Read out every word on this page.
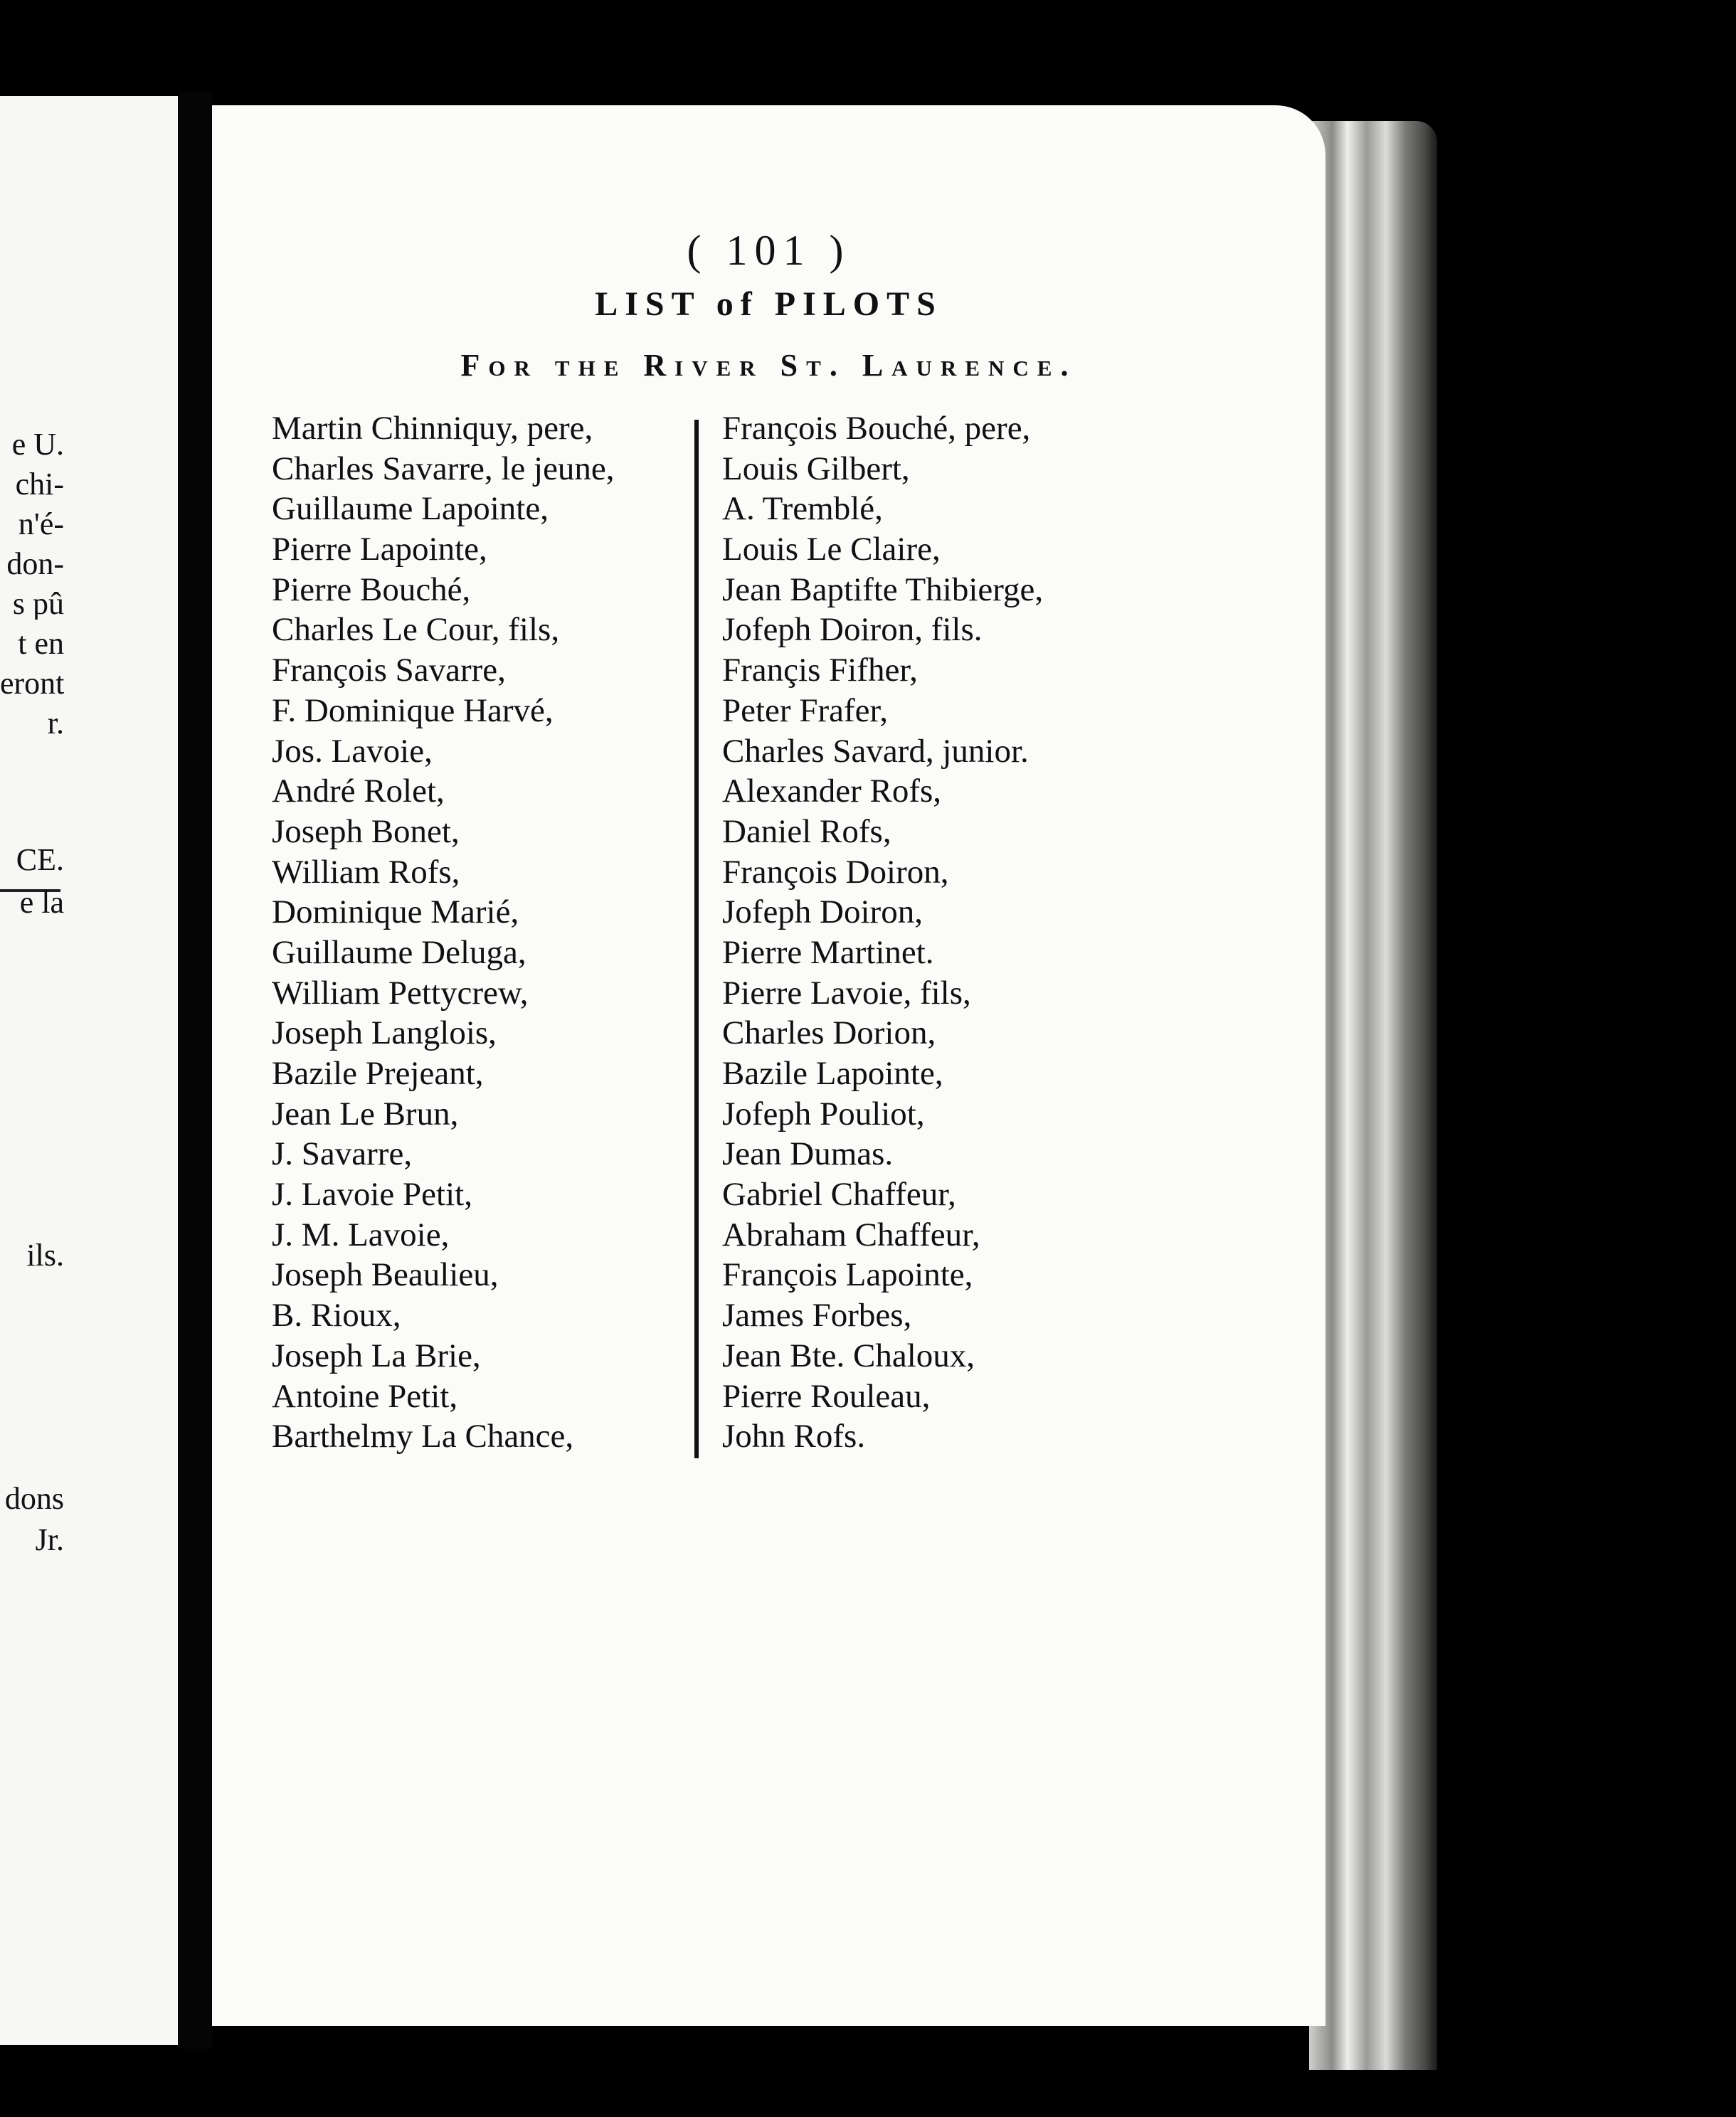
e U.
chi-
n'é-
don-
s pû
t en
eront
r.
CE.
e la
ils.
dons
Jr.
( 101 )
LIST of PILOTS
For the River St. Laurence.
Martin Chinniquy, pere,
Charles Savarre, le jeune,
Guillaume Lapointe,
Pierre Lapointe,
Pierre Bouché,
Charles Le Cour, fils,
François Savarre,
F. Dominique Harvé,
Jos. Lavoie,
André Rolet,
Joseph Bonet,
William Rofs,
Dominique Marié,
Guillaume Deluga,
William Pettycrew,
Joseph Langlois,
Bazile Prejeant,
Jean Le Brun,
J. Savarre,
J. Lavoie Petit,
J. M. Lavoie,
Joseph Beaulieu,
B. Rioux,
Joseph La Brie,
Antoine Petit,
Barthelmy La Chance,
François Bouché, pere,
Louis Gilbert,
A. Tremblé,
Louis Le Claire,
Jean Baptifte Thibierge,
Jofeph Doiron, fils.
Françis Fifher,
Peter Frafer,
Charles Savard, junior.
Alexander Rofs,
Daniel Rofs,
François Doiron,
Jofeph Doiron,
Pierre Martinet.
Pierre Lavoie, fils,
Charles Dorion,
Bazile Lapointe,
Jofeph Pouliot,
Jean Dumas.
Gabriel Chaffeur,
Abraham Chaffeur,
François Lapointe,
James Forbes,
Jean Bte. Chaloux,
Pierre Rouleau,
John Rofs.
